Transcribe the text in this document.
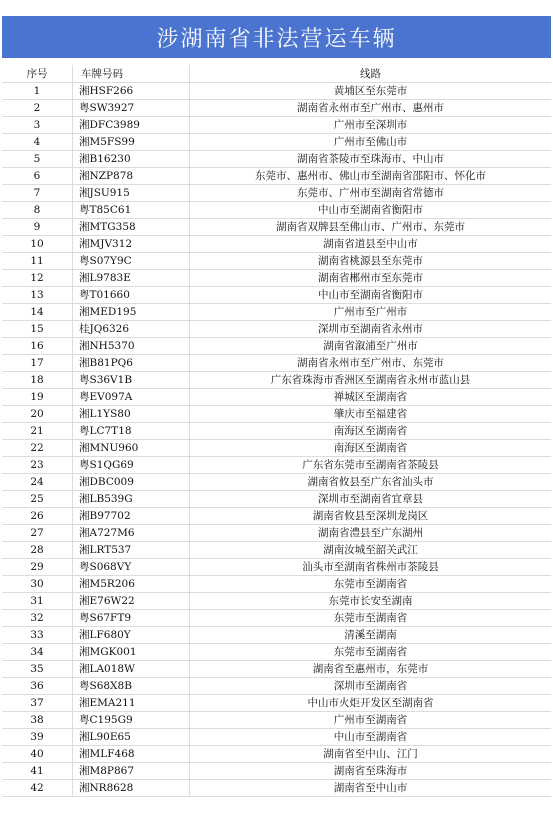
涉湖南省非法营运车辆
序号	车牌号码	线路
1	湘HSF266	黄埔区至东莞市
2	粤SW3927	湖南省永州市至广州市、惠州市
3	湘DFC3989	广州市至深圳市
4	湘M5FS99	广州市至佛山市
5	湘B16230	湖南省茶陵市至珠海市、中山市
6	湘NZP878	东莞市、惠州市、佛山市至湖南省邵阳市、怀化市
7	湘JSU915	东莞市、广州市至湖南省常德市
8	粤T85C61	中山市至湖南省衡阳市
9	湘MTG358	湖南省双牌县至佛山市、广州市、东莞市
10	湘MJV312	湖南省道县至中山市
11	粤S07Y9C	湖南省桃源县至东莞市
12	湘L9783E	湖南省郴州市至东莞市
13	粤T01660	中山市至湖南省衡阳市
14	湘MED195	广州市至广州市
15	桂JQ6326	深圳市至湖南省永州市
16	湘NH5370	湖南省溆浦至广州市
17	湘B81PQ6	湖南省永州市至广州市、东莞市
18	粤S36V1B	广东省珠海市香洲区至湖南省永州市蓝山县
19	粤EV097A	禅城区至湖南省
20	湘L1YS80	肇庆市至福建省
21	粤LC7T18	南海区至湖南省
22	湘MNU960	南海区至湖南省
23	粤S1QG69	广东省东莞市至湖南省茶陵县
24	湘DBC009	湖南省攸县至广东省汕头市
25	湘LB539G	深圳市至湖南省宜章县
26	湘B97702	湖南省攸县至深圳龙岗区
27	湘A727M6	湖南省澧县至广东湖州
28	湘LRT537	湖南汝城至韶关武江
29	粤S068VY	汕头市至湖南省株州市茶陵县
30	湘M5R206	东莞市至湖南省
31	湘E76W22	东莞市长安至湖南
32	粤S67FT9	东莞市至湖南省
33	湘LF680Y	清溪至湖南
34	湘MGK001	东莞市至湖南省
35	湘LA018W	湖南省至惠州市，东莞市
36	粤S68X8B	深圳市至湖南省
37	湘EMA211	中山市火炬开发区至湖南省
38	粤C195G9	广州市至湖南省
39	湘L90E65	中山市至湖南省
40	湘MLF468	湖南省至中山、江门
41	湘M8P867	湖南省至珠海市
42	湘NR8628	湖南省至中山市
